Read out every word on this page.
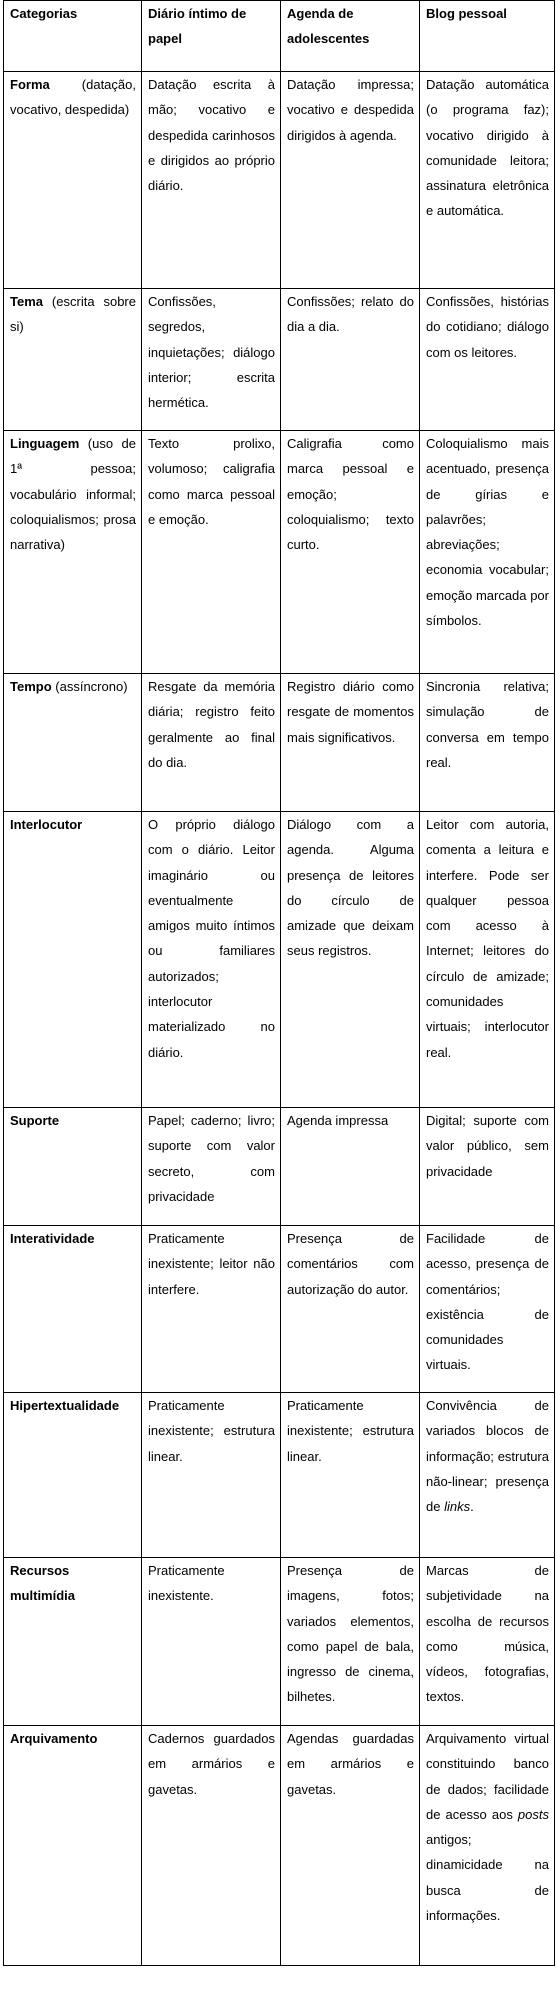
Categorias	Diário íntimo de papel	Agenda de adolescentes	Blog pessoal
Forma (datação, vocativo, despedida)	Datação escrita à mão; vocativo e despedida carinhosos e dirigidos ao próprio diário.	Datação impressa; vocativo e despedida dirigidos à agenda.	Datação automática (o programa faz); vocativo dirigido à comunidade leitora; assinatura eletrônica e automática.
Tema (escrita sobre si)	Confissões, segredos, inquietações; diálogo interior; escrita hermética.	Confissões; relato do dia a dia.	Confissões, histórias do cotidiano; diálogo com os leitores.
Linguagem (uso de 1ª pessoa; vocabulário informal; coloquialismos; prosa narrativa)	Texto prolixo, volumoso; caligrafia como marca pessoal e emoção.	Caligrafia como marca pessoal e emoção; coloquialismo; texto curto.	Coloquialismo mais acentuado, presença de gírias e palavrões; abreviações; economia vocabular; emoção marcada por símbolos.
Tempo (assíncrono)	Resgate da memória diária; registro feito geralmente ao final do dia.	Registro diário como resgate de momentos mais significativos.	Sincronia relativa; simulação de conversa em tempo real.
Interlocutor	O próprio diálogo com o diário. Leitor imaginário ou eventualmente amigos muito íntimos ou familiares autorizados; interlocutor materializado no diário.	Diálogo com a agenda. Alguma presença de leitores do círculo de amizade que deixam seus registros.	Leitor com autoria, comenta a leitura e interfere. Pode ser qualquer pessoa com acesso à Internet; leitores do círculo de amizade; comunidades virtuais; interlocutor real.
Suporte	Papel; caderno; livro; suporte com valor secreto, com privacidade	Agenda impressa	Digital; suporte com valor público, sem privacidade
Interatividade	Praticamente inexistente; leitor não interfere.	Presença de comentários com autorização do autor.	Facilidade de acesso, presença de comentários; existência de comunidades virtuais.
Hipertextualidade	Praticamente inexistente; estrutura linear.	Praticamente inexistente; estrutura linear.	Convivência de variados blocos de informação; estrutura não-linear; presença de links.
Recursos multimídia	Praticamente inexistente.	Presença de imagens, fotos; variados elementos, como papel de bala, ingresso de cinema, bilhetes.	Marcas de subjetividade na escolha de recursos como música, vídeos, fotografias, textos.
Arquivamento	Cadernos guardados em armários e gavetas.	Agendas guardadas em armários e gavetas.	Arquivamento virtual constituindo banco de dados; facilidade de acesso aos posts antigos; dinamicidade na busca de informações.
